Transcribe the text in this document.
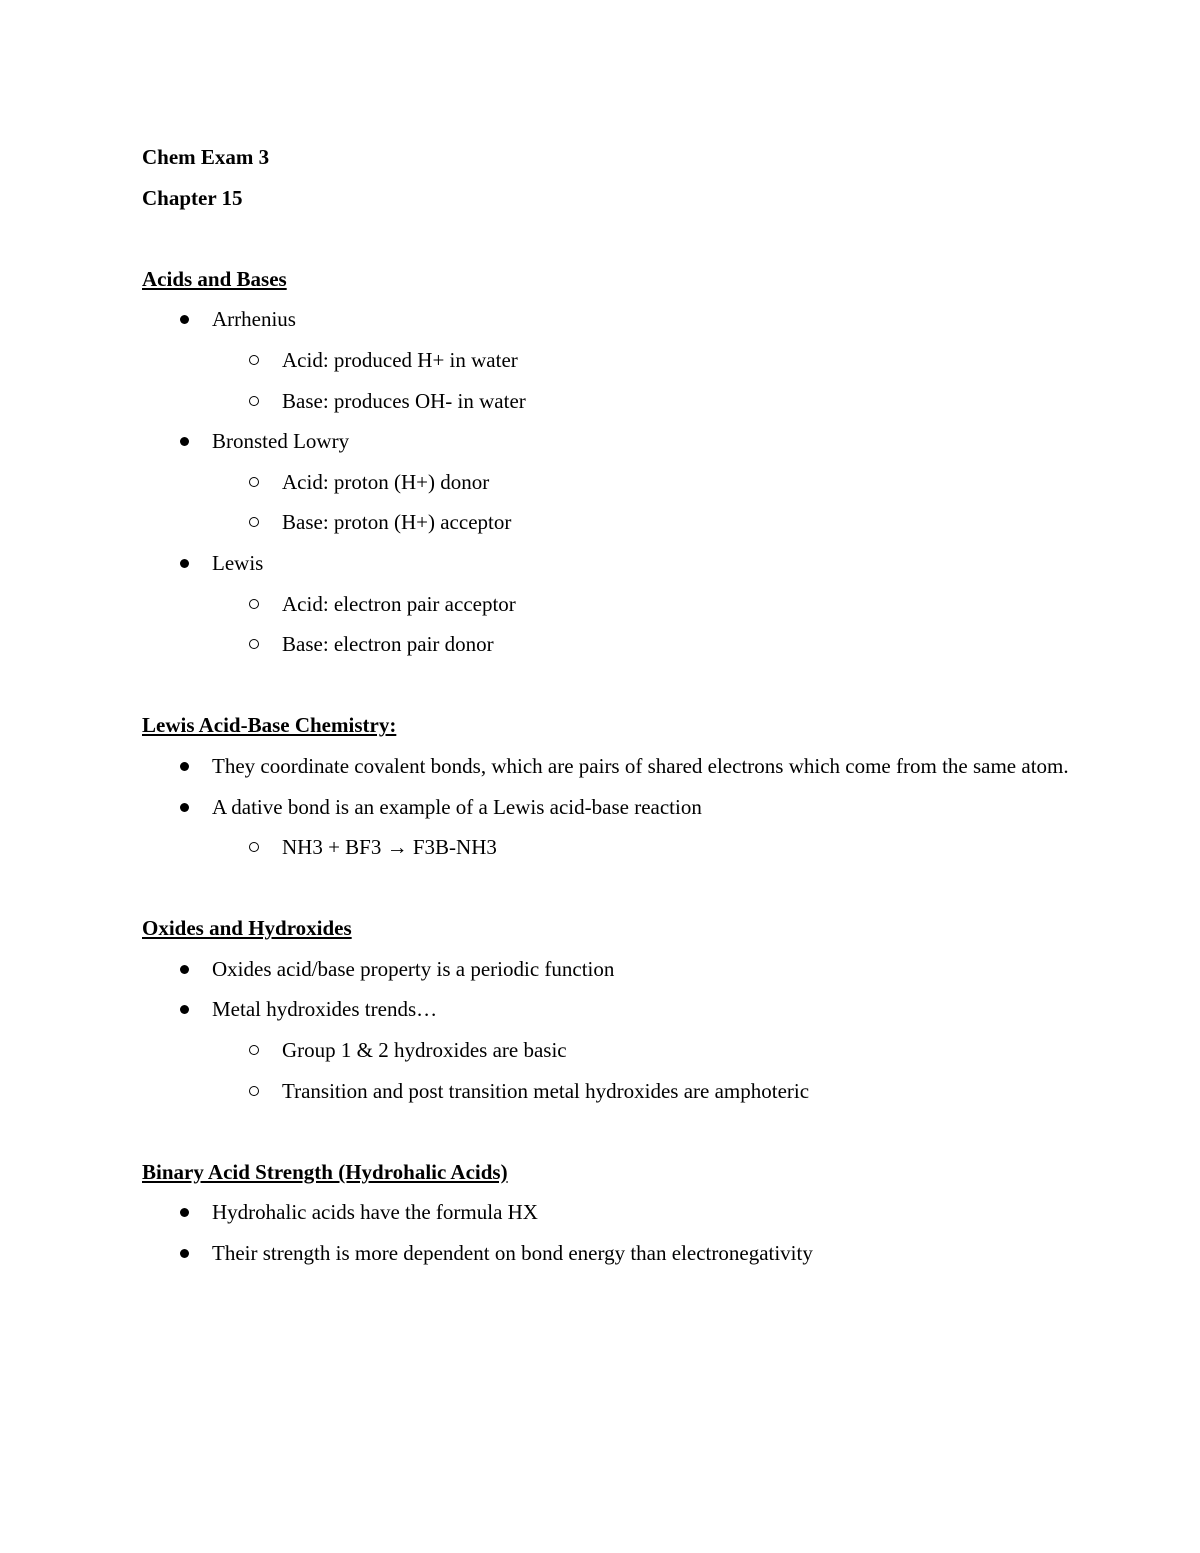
Chem Exam 3

Chapter 15

Acids and Bases

Arrhenius
Acid: produced H+ in water
Base: produces OH- in water
Bronsted Lowry
Acid: proton (H+) donor
Base: proton (H+) acceptor
Lewis
Acid: electron pair acceptor
Base: electron pair donor

Lewis Acid-Base Chemistry:

They coordinate covalent bonds, which are pairs of shared electrons which come from the same atom.
A dative bond is an example of a Lewis acid-base reaction
NH3 + BF3 → F3B-NH3

Oxides and Hydroxides

Oxides acid/base property is a periodic function
Metal hydroxides trends…
Group 1 & 2 hydroxides are basic
Transition and post transition metal hydroxides are amphoteric

Binary Acid Strength (Hydrohalic Acids)

Hydrohalic acids have the formula HX
Their strength is more dependent on bond energy than electronegativity
